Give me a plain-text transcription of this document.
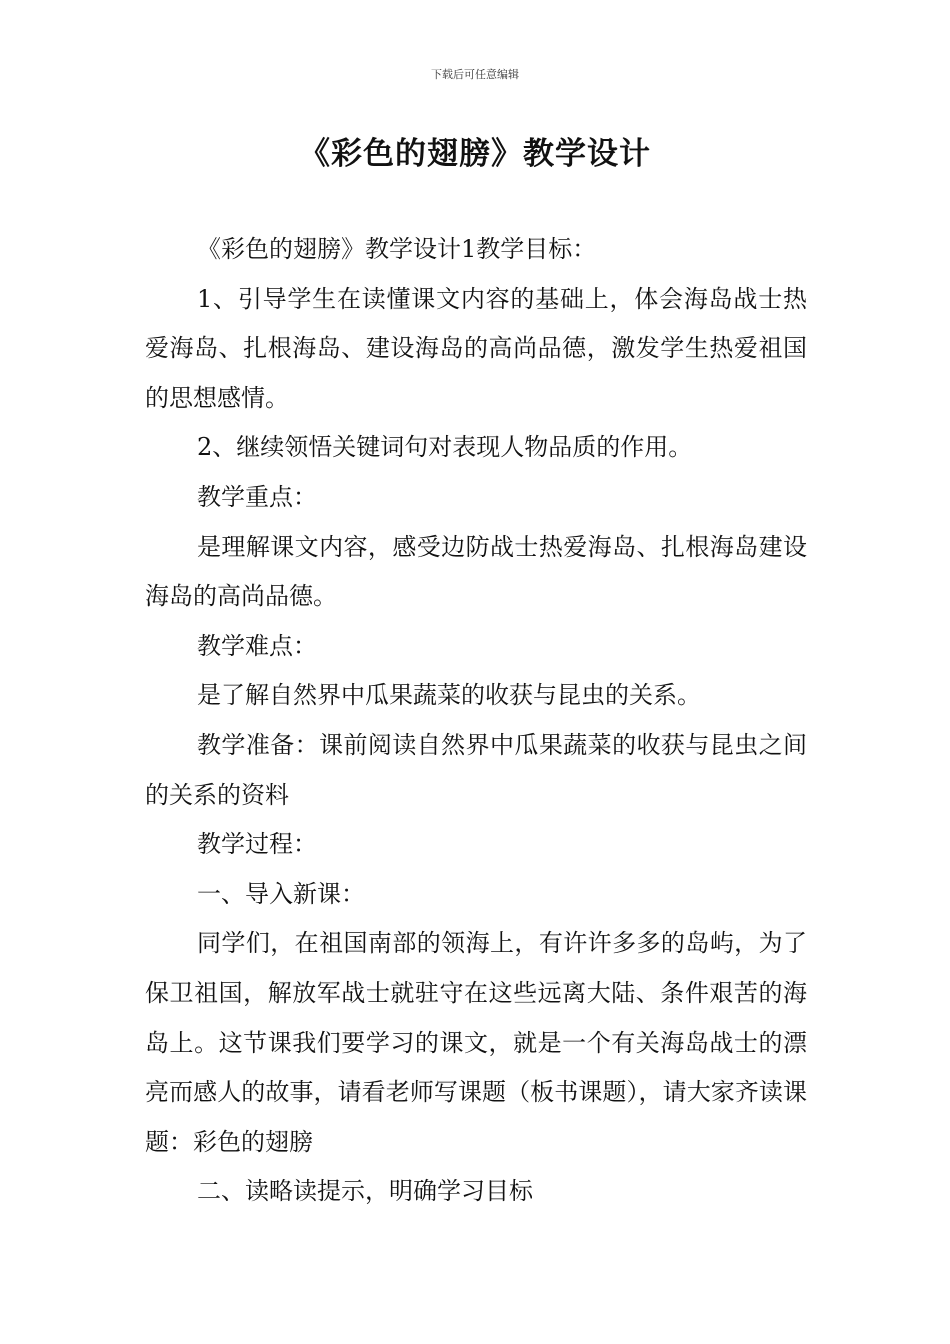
下载后可任意编辑
《彩色的翅膀》教学设计

《彩色的翅膀》教学设计1教学目标：

1、引导学生在读懂课文内容的基础上，体会海岛战士热爱海岛、扎根海岛、建设海岛的高尚品德，激发学生热爱祖国的思想感情。

2、继续领悟关键词句对表现人物品质的作用。

教学重点：

是理解课文内容，感受边防战士热爱海岛、扎根海岛建设海岛的高尚品德。

教学难点：

是了解自然界中瓜果蔬菜的收获与昆虫的关系。

教学准备：课前阅读自然界中瓜果蔬菜的收获与昆虫之间的关系的资料

教学过程：

一、导入新课：

同学们，在祖国南部的领海上，有许许多多的岛屿，为了保卫祖国，解放军战士就驻守在这些远离大陆、条件艰苦的海岛上。这节课我们要学习的课文，就是一个有关海岛战士的漂亮而感人的故事，请看老师写课题（板书课题），请大家齐读课题：彩色的翅膀

二、读略读提示，明确学习目标
